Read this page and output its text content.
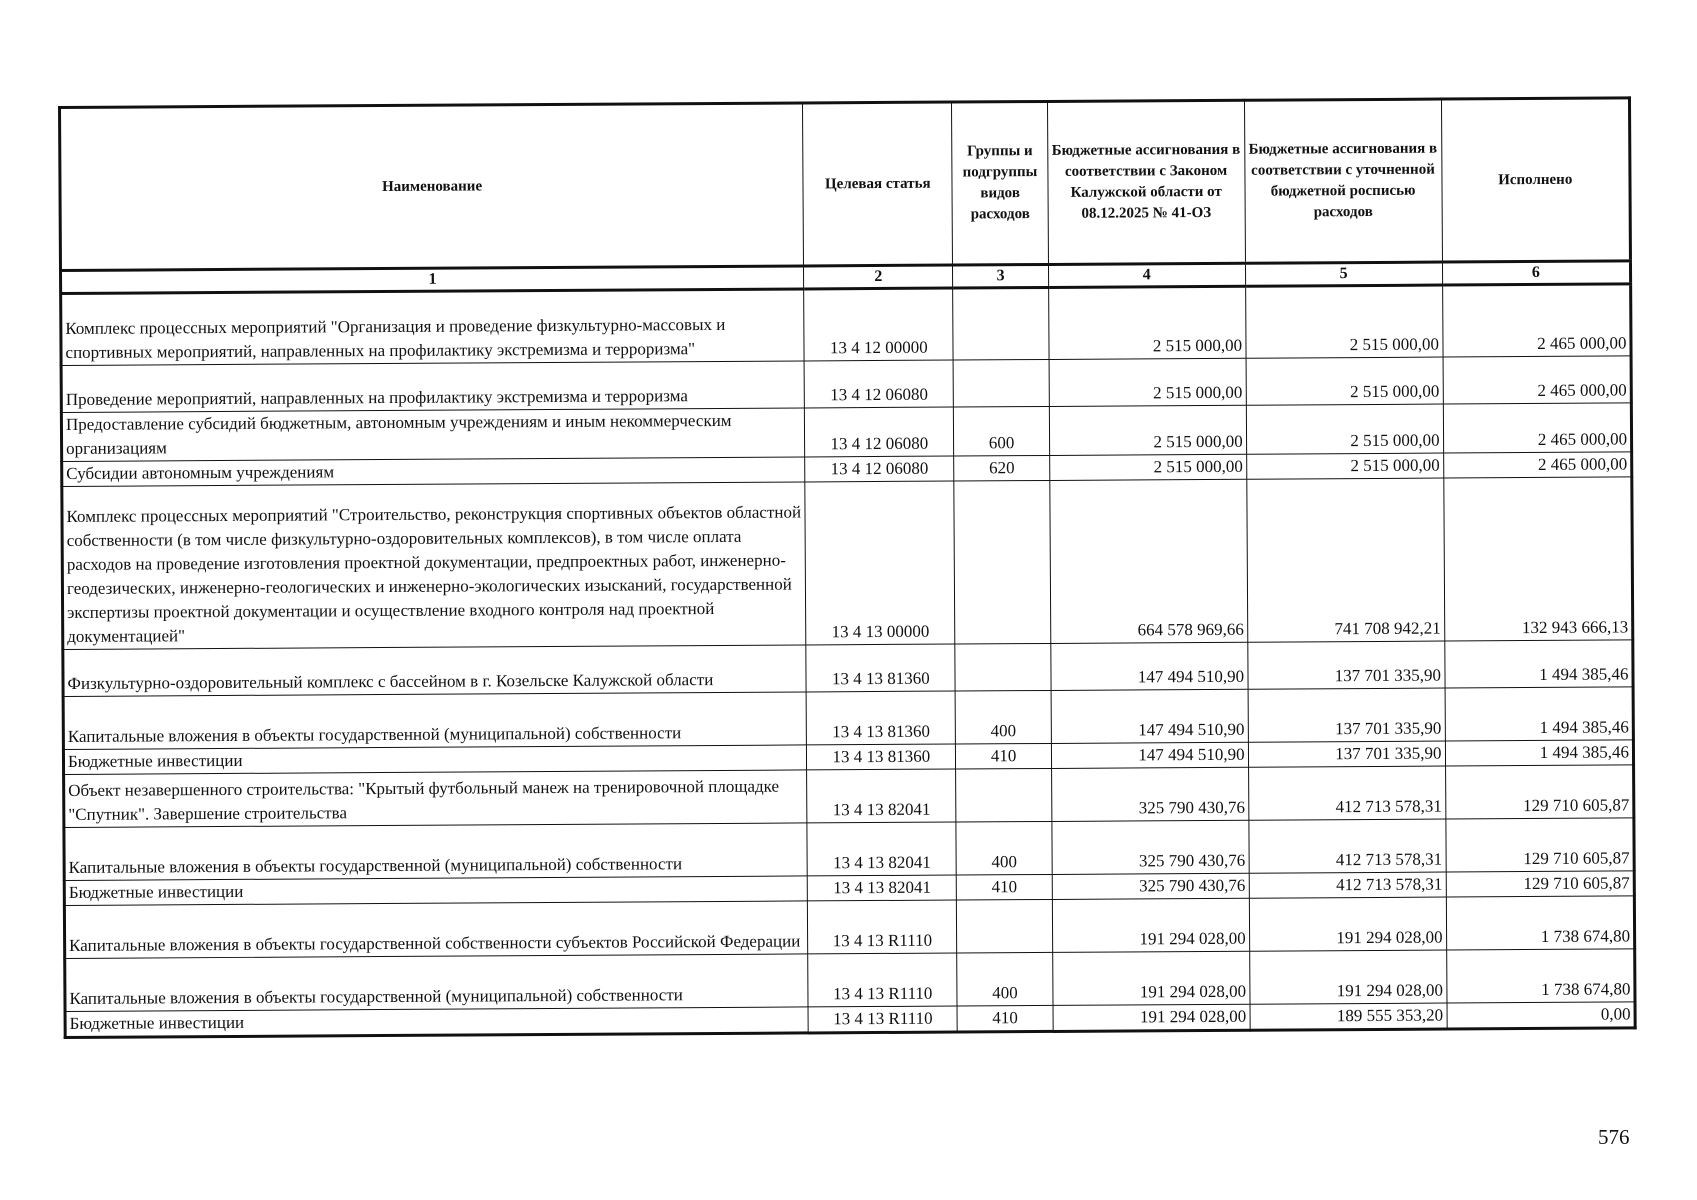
Наименование	Целевая статья	Группы и подгруппы видов расходов	Бюджетные ассигнования в соответствии с Законом Калужской области от 08.12.2025 № 41-ОЗ	Бюджетные ассигнования в соответствии с уточненной бюджетной росписью расходов	Исполнено
1	2	3	4	5	6
Комплекс процессных мероприятий "Организация и проведение физкультурно-массовых и спортивных мероприятий, направленных на профилактику экстремизма и терроризма"	13 4 12 00000		2 515 000,00	2 515 000,00	2 465 000,00
Проведение мероприятий, направленных на профилактику экстремизма и терроризма	13 4 12 06080		2 515 000,00	2 515 000,00	2 465 000,00
Предоставление субсидий бюджетным, автономным учреждениям и иным некоммерческим организациям	13 4 12 06080	600	2 515 000,00	2 515 000,00	2 465 000,00
Субсидии автономным учреждениям	13 4 12 06080	620	2 515 000,00	2 515 000,00	2 465 000,00
Комплекс процессных мероприятий "Строительство, реконструкция спортивных объектов областной собственности (в том числе физкультурно-оздоровительных комплексов), в том числе оплата расходов на проведение изготовления проектной документации, предпроектных работ, инженерно-геодезических, инженерно-геологических и инженерно-экологических изысканий, государственной экспертизы проектной документации и осуществление входного контроля над проектной документацией"	13 4 13 00000		664 578 969,66	741 708 942,21	132 943 666,13
Физкультурно-оздоровительный комплекс с бассейном в г. Козельске Калужской области	13 4 13 81360		147 494 510,90	137 701 335,90	1 494 385,46
Капитальные вложения в объекты государственной (муниципальной) собственности	13 4 13 81360	400	147 494 510,90	137 701 335,90	1 494 385,46
Бюджетные инвестиции	13 4 13 81360	410	147 494 510,90	137 701 335,90	1 494 385,46
Объект незавершенного строительства: "Крытый футбольный манеж на тренировочной площадке "Спутник". Завершение строительства	13 4 13 82041		325 790 430,76	412 713 578,31	129 710 605,87
Капитальные вложения в объекты государственной (муниципальной) собственности	13 4 13 82041	400	325 790 430,76	412 713 578,31	129 710 605,87
Бюджетные инвестиции	13 4 13 82041	410	325 790 430,76	412 713 578,31	129 710 605,87
Капитальные вложения в объекты государственной собственности субъектов Российской Федерации	13 4 13 R1110		191 294 028,00	191 294 028,00	1 738 674,80
Капитальные вложения в объекты государственной (муниципальной) собственности	13 4 13 R1110	400	191 294 028,00	191 294 028,00	1 738 674,80
Бюджетные инвестиции	13 4 13 R1110	410	191 294 028,00	189 555 353,20	0,00
576
